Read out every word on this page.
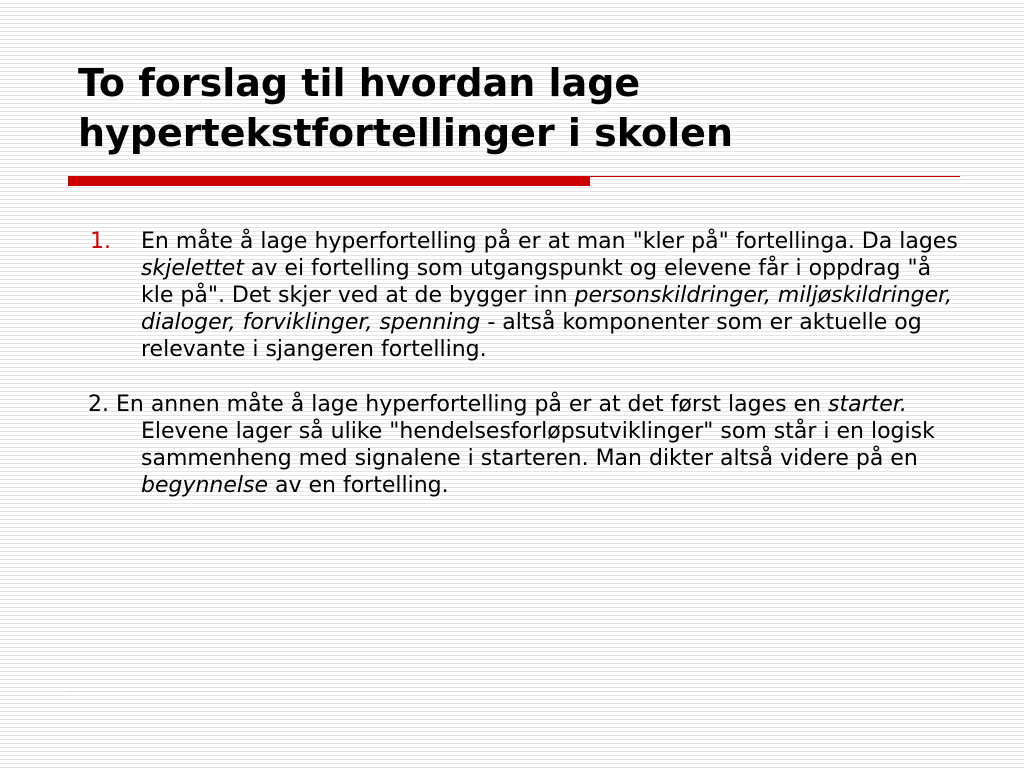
To forslag til hvordan lage
hypertekstfortellinger i skolen
1. En måte å lage hyperfortelling på er at man "kler på" fortellinga. Da lages skjelettet av ei fortelling som utgangspunkt og elevene får i oppdrag "å kle på". Det skjer ved at de bygger inn personskildringer, miljøskildringer, dialoger, forviklinger, spenning - altså komponenter som er aktuelle og relevante i sjangeren fortelling.
2. En annen måte å lage hyperfortelling på er at det først lages en starter. Elevene lager så ulike "hendelsesforløpsutviklinger" som står i en logisk sammenheng med signalene i starteren. Man dikter altså videre på en begynnelse av en fortelling.
